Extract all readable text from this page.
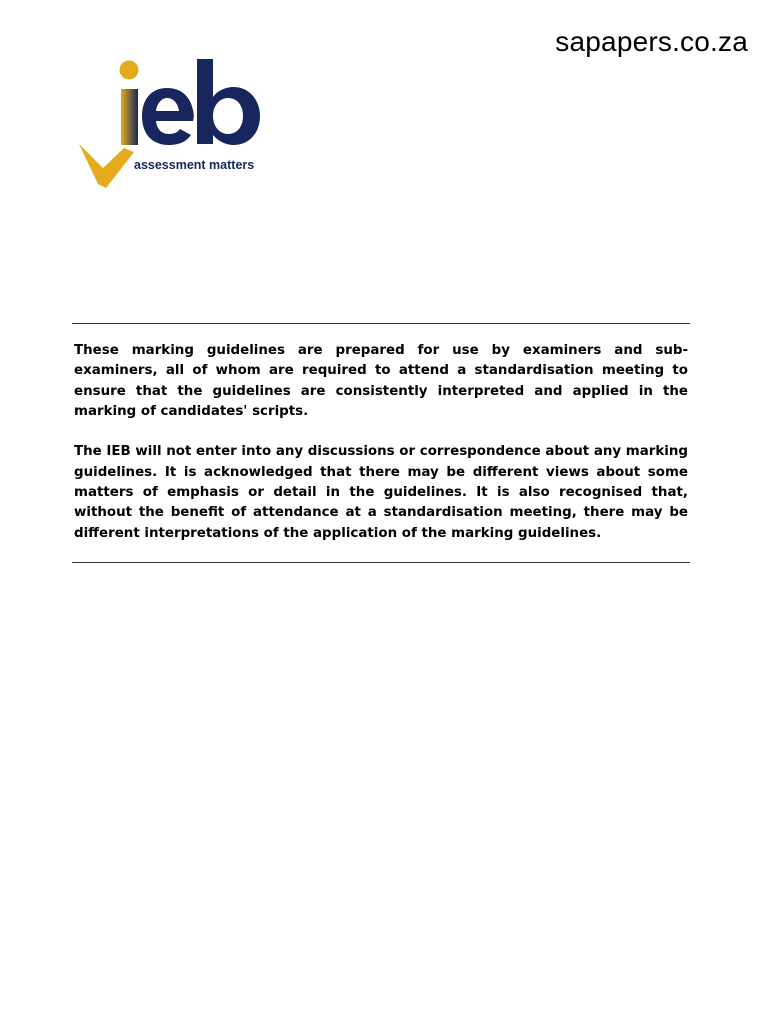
sapapers.co.za
assessment matters

These marking guidelines are prepared for use by examiners and sub-examiners, all of whom are required to attend a standardisation meeting to ensure that the guidelines are consistently interpreted and applied in the marking of candidates' scripts.

The IEB will not enter into any discussions or correspondence about any marking guidelines. It is acknowledged that there may be different views about some matters of emphasis or detail in the guidelines. It is also recognised that, without the benefit of attendance at a standardisation meeting, there may be different interpretations of the application of the marking guidelines.
